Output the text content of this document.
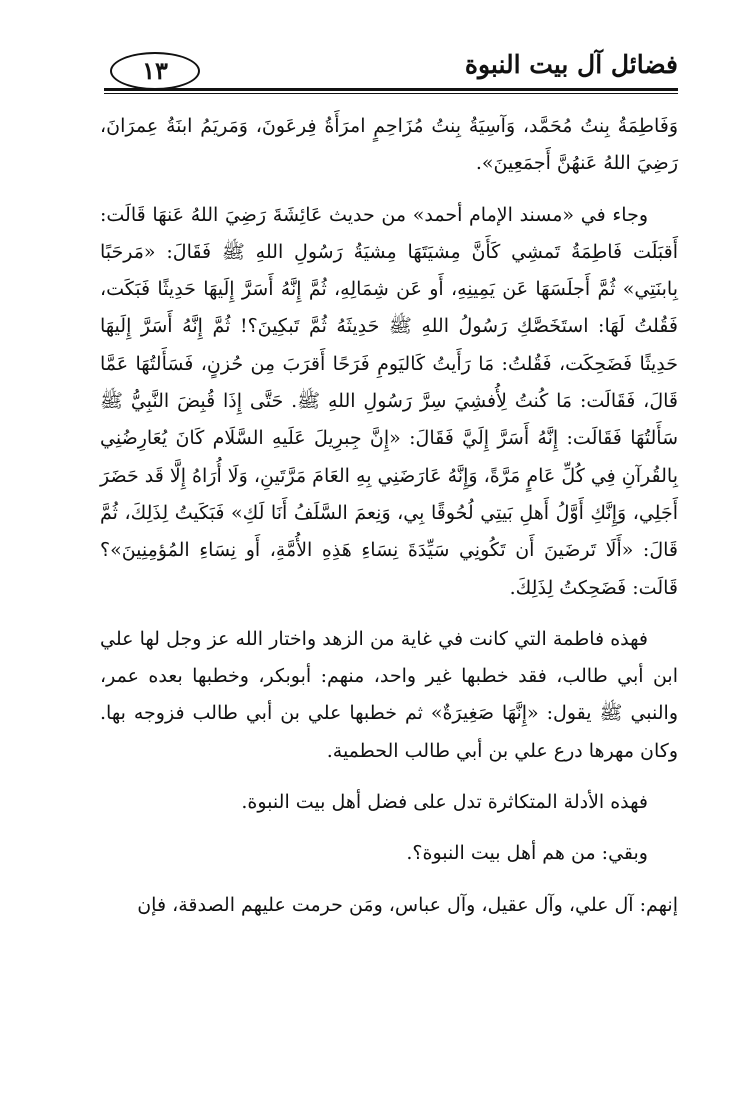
فضائل آل بيت النبوة
١٣

وَفَاطِمَةُ بِنتُ مُحَمَّد، وَآسِيَةُ بِنتُ مُزَاحِمٍ امرَأَةُ فِرعَونَ، وَمَريَمُ ابنَةُ عِمرَانَ، رَضِيَ اللهُ عَنهُنَّ أَجمَعِينَ».

وجاء في «مسند الإمام أحمد» من حديث عَائِشَةَ رَضِيَ اللهُ عَنهَا قَالَت: أَقبَلَت فَاطِمَةُ تَمشِي كَأَنَّ مِشيَتَهَا مِشيَةُ رَسُولِ اللهِ ﷺ فَقَالَ: «مَرحَبًا بِابنَتِي» ثُمَّ أَجلَسَهَا عَن يَمِينِهِ، أَو عَن شِمَالِهِ، ثُمَّ إِنَّهُ أَسَرَّ إِلَيهَا حَدِيثًا فَبَكَت، فَقُلتُ لَهَا: استَخَصَّكِ رَسُولُ اللهِ ﷺ حَدِيثَهُ ثُمَّ تَبكِينَ؟! ثُمَّ إِنَّهُ أَسَرَّ إِلَيهَا حَدِيثًا فَضَحِكَت، فَقُلتُ: مَا رَأَيتُ كَاليَومِ فَرَحًا أَقرَبَ مِن حُزنٍ، فَسَأَلتُهَا عَمَّا قَالَ، فَقَالَت: مَا كُنتُ لِأُفشِيَ سِرَّ رَسُولِ اللهِ ﷺ. حَتَّى إِذَا قُبِضَ النَّبِيُّ ﷺ سَأَلتُهَا فَقَالَت: إِنَّهُ أَسَرَّ إِلَيَّ فَقَالَ: «إِنَّ جِبرِيلَ عَلَيهِ السَّلَام كَانَ يُعَارِضُنِي بِالقُرآنِ فِي كُلِّ عَامٍ مَرَّةً، وَإِنَّهُ عَارَضَنِي بِهِ العَامَ مَرَّتَينِ، وَلَا أُرَاهُ إِلَّا قَد حَضَرَ أَجَلِي، وَإِنَّكِ أَوَّلُ أَهلِ بَيتِي لُحُوقًا بِي، وَنِعمَ السَّلَفُ أَنَا لَكِ» فَبَكَيتُ لِذَلِكَ، ثُمَّ قَالَ: «أَلَا تَرضَينَ أَن تَكُونِي سَيِّدَةَ نِسَاءِ هَذِهِ الأُمَّةِ، أَو نِسَاءِ المُؤمِنِينَ»؟ قَالَت: فَضَحِكتُ لِذَلِكَ.

فهذه فاطمة التي كانت في غاية من الزهد واختار الله عز وجل لها علي ابن أبي طالب، فقد خطبها غير واحد، منهم: أبوبكر، وخطبها بعده عمر، والنبي ﷺ يقول: «إِنَّهَا صَغِيرَةٌ» ثم خطبها علي بن أبي طالب فزوجه بها. وكان مهرها درع علي بن أبي طالب الحطمية.

فهذه الأدلة المتكاثرة تدل على فضل أهل بيت النبوة.

وبقي: من هم أهل بيت النبوة؟.

إنهم: آل علي، وآل عقيل، وآل عباس، ومَن حرمت عليهم الصدقة، فإن
